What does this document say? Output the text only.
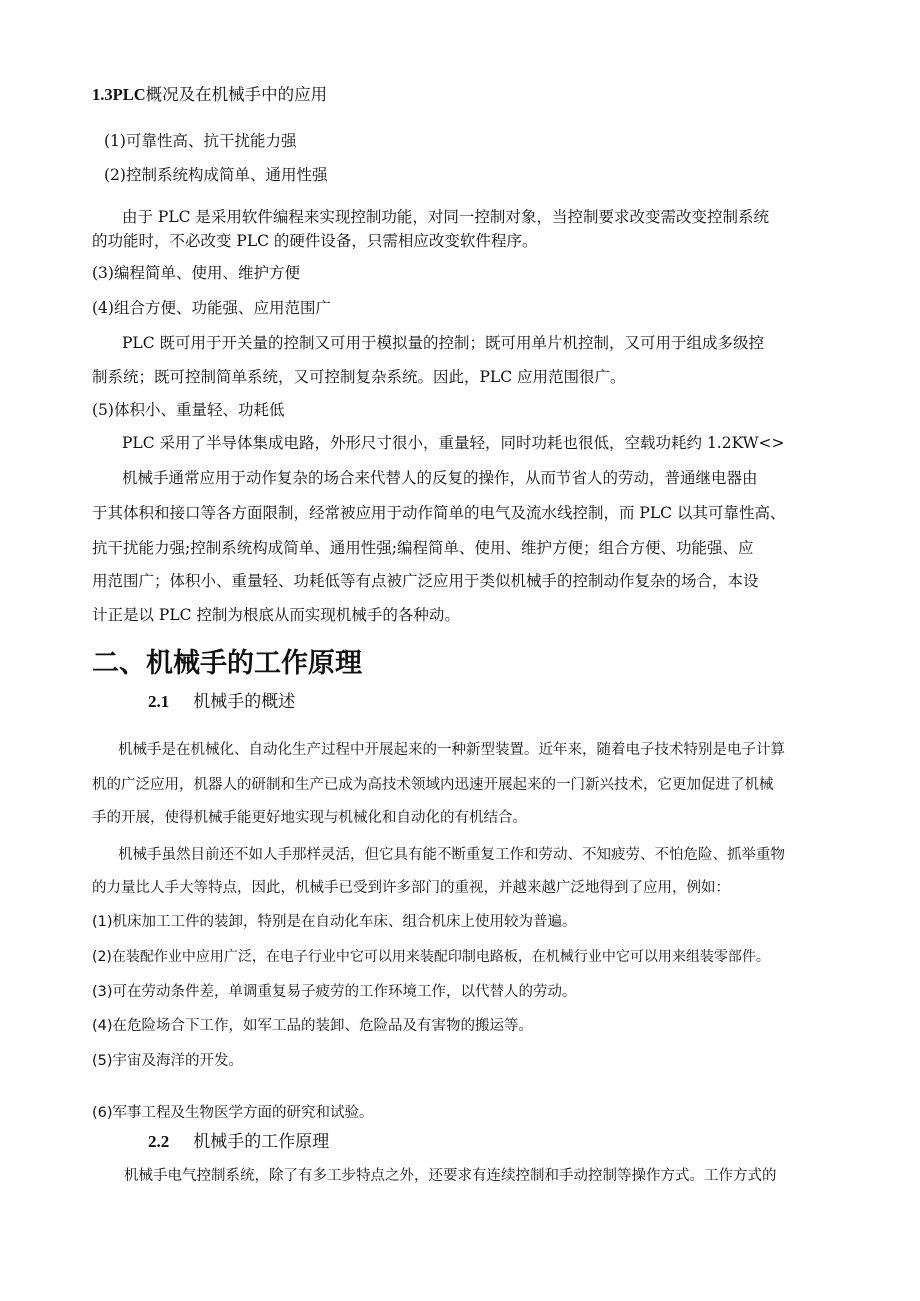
1.3PLC概况及在机械手中的应用
(1)可靠性高、抗干扰能力强
(2)控制系统构成简单、通用性强
由于 PLC 是采用软件编程来实现控制功能，对同一控制对象，当控制要求改变需改变控制系统
的功能时，不必改变 PLC 的硬件设备，只需相应改变软件程序。
(3)编程简单、使用、维护方便
(4)组合方便、功能强、应用范围广
PLC 既可用于开关量的控制又可用于模拟量的控制；既可用单片机控制，又可用于组成多级控
制系统；既可控制简单系统，又可控制复杂系统。因此，PLC 应用范围很广。
(5)体积小、重量轻、功耗低
PLC 采用了半导体集成电路，外形尺寸很小，重量轻，同时功耗也很低，空载功耗约 1.2KW<>
机械手通常应用于动作复杂的场合来代替人的反复的操作，从而节省人的劳动，普通继电器由
于其体积和接口等各方面限制，经常被应用于动作简单的电气及流水线控制，而 PLC 以其可靠性高、
抗干扰能力强;控制系统构成简单、通用性强;编程简单、使用、维护方便；组合方便、功能强、应
用范围广；体积小、重量轻、功耗低等有点被广泛应用于类似机械手的控制动作复杂的场合，本设
计正是以 PLC 控制为根底从而实现机械手的各种动。
二、机械手的工作原理
2.1 机械手的概述
机械手是在机械化、自动化生产过程中开展起来的一种新型装置。近年来，随着电子技术特别是电子计算
机的广泛应用，机器人的研制和生产已成为高技术领域内迅速开展起来的一门新兴技术，它更加促进了机械
手的开展，使得机械手能更好地实现与机械化和自动化的有机结合。
机械手虽然目前还不如人手那样灵活，但它具有能不断重复工作和劳动、不知疲劳、不怕危险、抓举重物
的力量比人手大等特点，因此，机械手已受到许多部门的重视，并越来越广泛地得到了应用，例如：
(1)机床加工工件的装卸，特别是在自动化车床、组合机床上使用较为普遍。
(2)在装配作业中应用广泛，在电子行业中它可以用来装配印制电路板，在机械行业中它可以用来组装零部件。
(3)可在劳动条件差，单调重复易子疲劳的工作环境工作，以代替人的劳动。
(4)在危险场合下工作，如军工品的装卸、危险品及有害物的搬运等。
(5)宇宙及海洋的开发。
(6)军事工程及生物医学方面的研究和试验。
2.2 机械手的工作原理
机械手电气控制系统，除了有多工步特点之外，还要求有连续控制和手动控制等操作方式。工作方式的
